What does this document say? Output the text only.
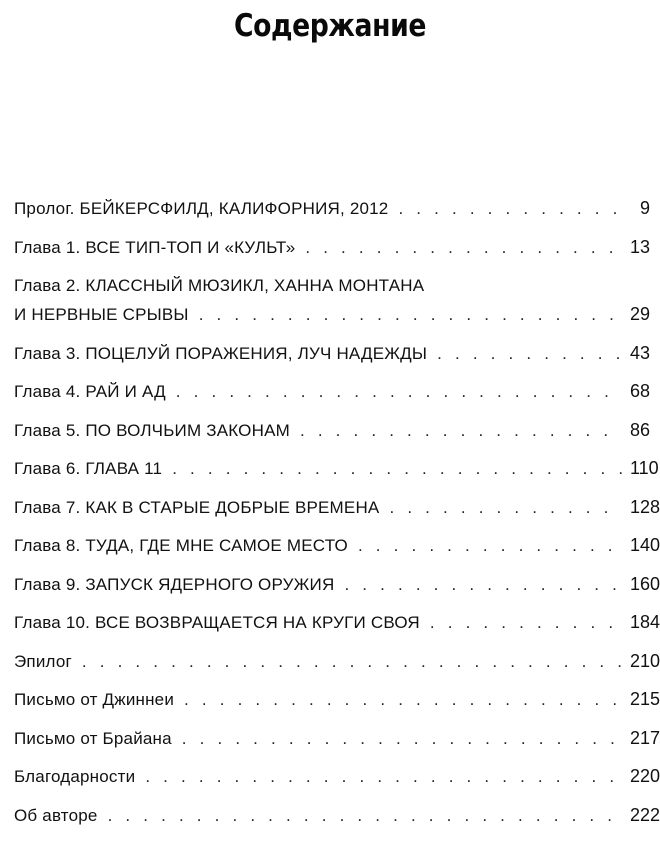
Содержание
Пролог. БЕЙКЕРСФИЛД, КАЛИФОРНИЯ, 2012 . . .	9
Глава 1. ВСЕ ТИП-ТОП И «КУЛЬТ» . . .	13
Глава 2. КЛАССНЫЙ МЮЗИКЛ, ХАННА МОНТАНА
И НЕРВНЫЕ СРЫВЫ . . .	29
Глава 3. ПОЦЕЛУЙ ПОРАЖЕНИЯ, ЛУЧ НАДЕЖДЫ . . .	43
Глава 4. РАЙ И АД . . .	68
Глава 5. ПО ВОЛЧЬИМ ЗАКОНАМ . . .	86
Глава 6. ГЛАВА 11 . . .	110
Глава 7. КАК В СТАРЫЕ ДОБРЫЕ ВРЕМЕНА . . .	128
Глава 8. ТУДА, ГДЕ МНЕ САМОЕ МЕСТО . . .	140
Глава 9. ЗАПУСК ЯДЕРНОГО ОРУЖИЯ . . .	160
Глава 10. ВСЕ ВОЗВРАЩАЕТСЯ НА КРУГИ СВОЯ . . .	184
Эпилог . . .	210
Письмо от Джиннеи . . .	215
Письмо от Брайана . . .	217
Благодарности . . .	220
Об авторе . . .	222
